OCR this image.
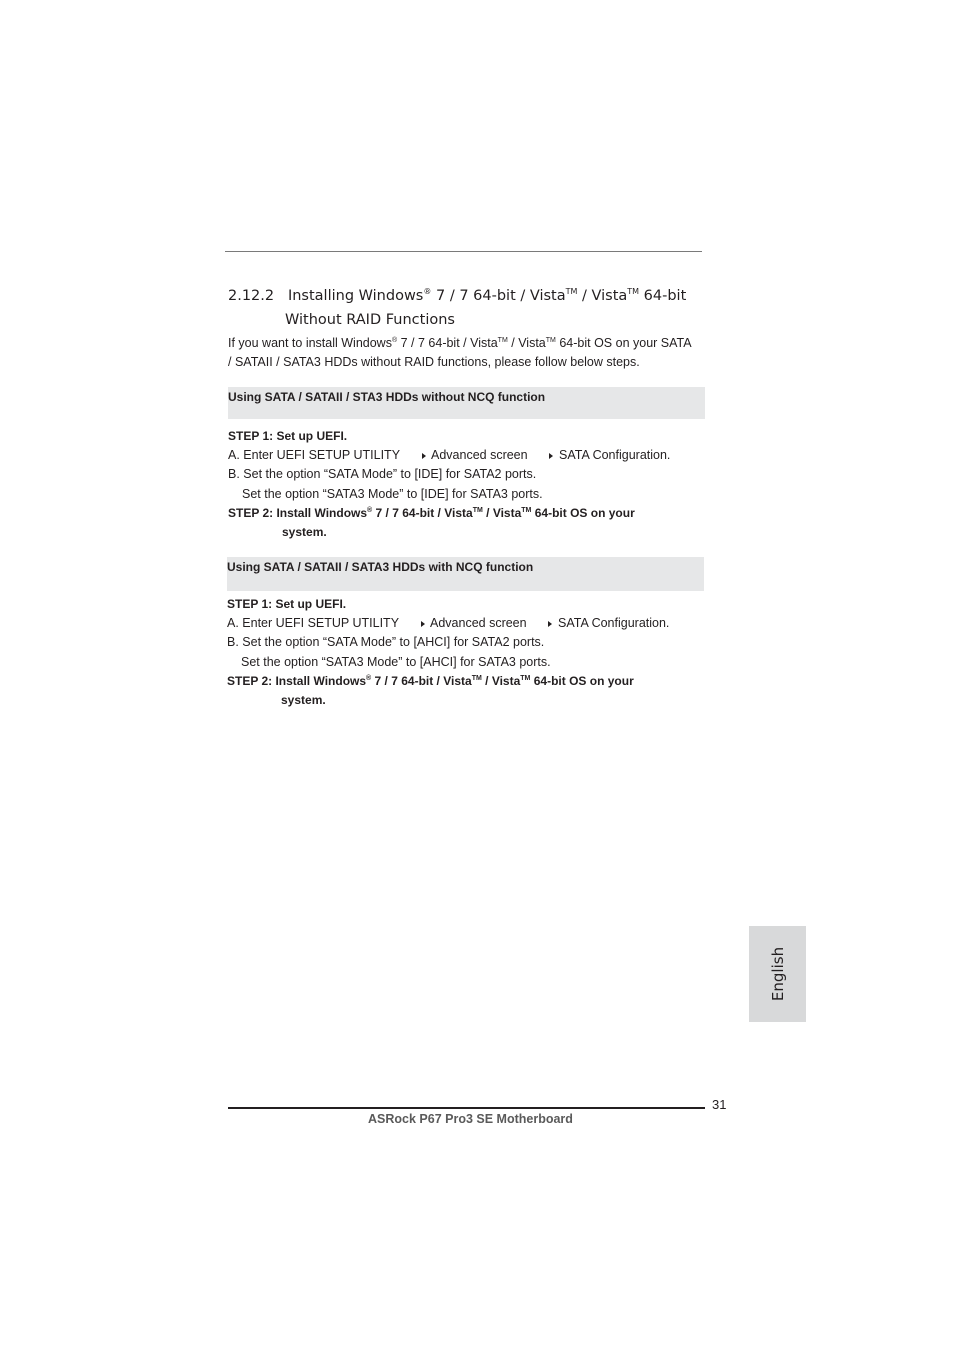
2.12.2 Installing Windows® 7 / 7 64-bit / Vista™ / Vista™ 64-bit
Without RAID Functions
If you want to install Windows® 7 / 7 64-bit / Vista™ / Vista™ 64-bit OS on your SATA
/ SATAII / SATA3 HDDs without RAID functions, please follow below steps.
Using SATA / SATAII / STA3 HDDs without NCQ function
STEP 1: Set up UEFI.
A. Enter UEFI SETUP UTILITY Advanced screen	SATA Configuration.
B. Set the option “SATA Mode” to [IDE] for SATA2 ports.
Set the option “SATA3 Mode” to [IDE] for SATA3 ports.
STEP 2: Install Windows® 7 / 7 64-bit / Vista™ / Vista™ 64-bit OS on your
system.
Using SATA / SATAII / SATA3 HDDs with NCQ function
STEP 1: Set up UEFI.
A. Enter UEFI SETUP UTILITY Advanced screen	SATA Configuration.
B. Set the option “SATA Mode” to [AHCI] for SATA2 ports.
Set the option “SATA3 Mode” to [AHCI] for SATA3 ports.
STEP 2: Install Windows® 7 / 7 64-bit / Vista™ / Vista™ 64-bit OS on your
system.
English
31
ASRock P67 Pro3 SE Motherboard
